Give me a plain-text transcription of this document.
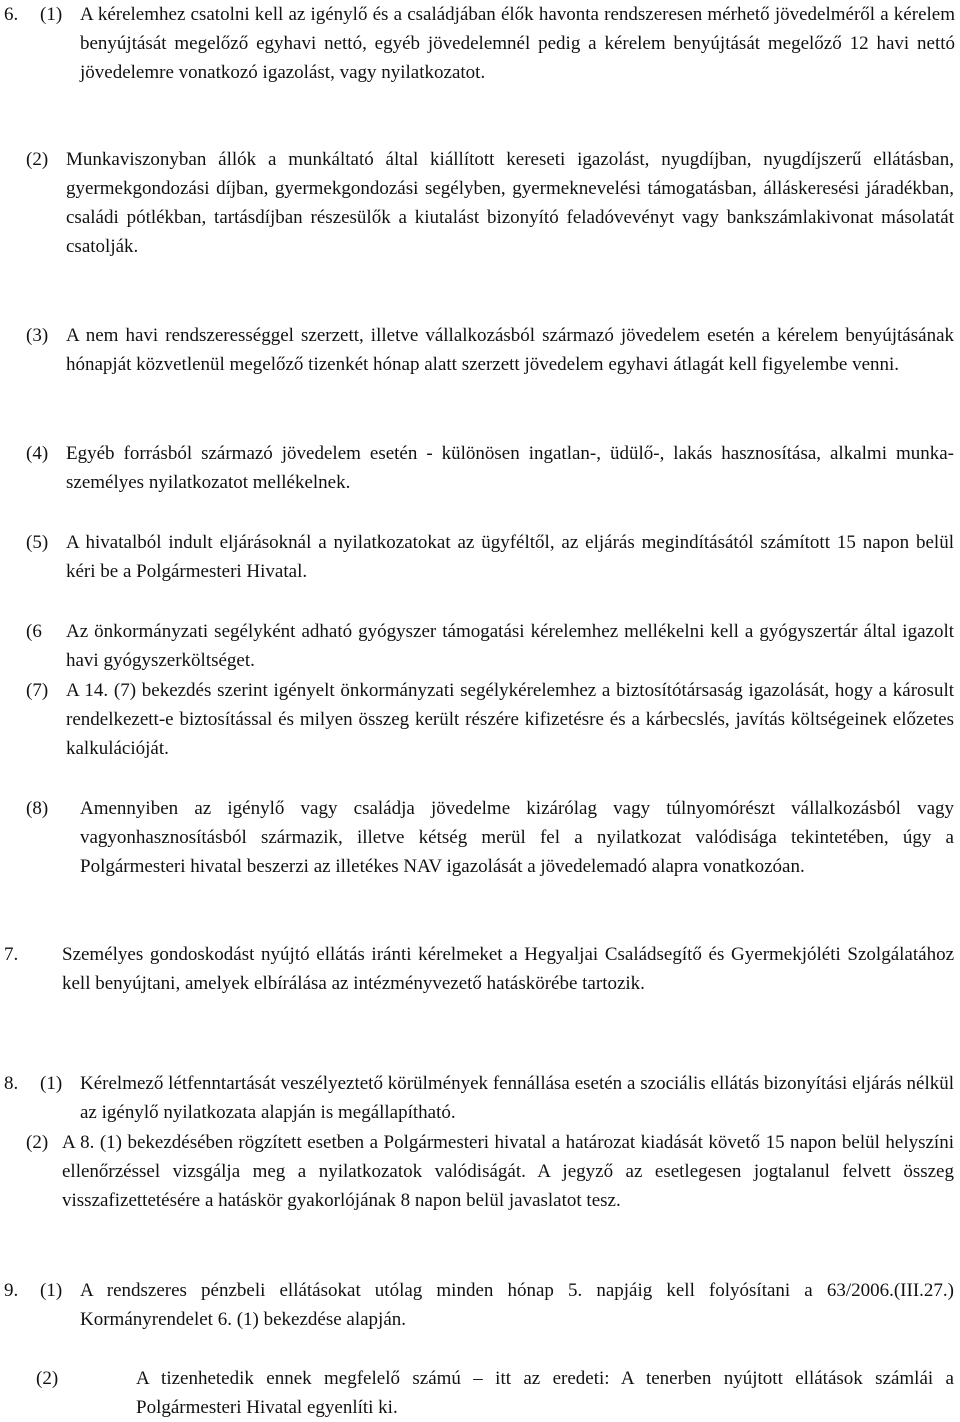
6. (1) A kérelemhez csatolni kell az igénylő és a családjában élők havonta rendszeresen mérhető jövedelméről a kérelem benyújtását megelőző egyhavi nettó, egyéb jövedelemnél pedig a kérelem benyújtását megelőző 12 havi nettó jövedelemre vonatkozó igazolást, vagy nyilatkozatot.

(2) Munkaviszonyban állók a munkáltató által kiállított kereseti igazolást, nyugdíjban, nyugdíjszerű ellátásban, gyermekgondozási díjban, gyermekgondozási segélyben, gyermeknevelési támogatásban, álláskeresési járadékban, családi pótlékban, tartásdíjban részesülők a kiutalást bizonyító feladóvevényt vagy bankszámlakivonat másolatát csatolják.

(3) A nem havi rendszerességgel szerzett, illetve vállalkozásból származó jövedelem esetén a kérelem benyújtásának hónapját közvetlenül megelőző tizenkét hónap alatt szerzett jövedelem egyhavi átlagát kell figyelembe venni.

(4) Egyéb forrásból származó jövedelem esetén - különösen ingatlan-, üdülő-, lakás hasznosítása, alkalmi munka- személyes nyilatkozatot mellékelnek.

(5) A hivatalból indult eljárásoknál a nyilatkozatokat az ügyféltől, az eljárás megindításától számított 15 napon belül kéri be a Polgármesteri Hivatal.

(6 Az önkormányzati segélyként adható gyógyszer támogatási kérelemhez mellékelni kell a gyógyszertár által igazolt havi gyógyszerköltséget.

(7) A 14. (7) bekezdés szerint igényelt önkormányzati segélykérelemhez a biztosítótársaság igazolását, hogy a károsult rendelkezett-e biztosítással és milyen összeg került részére kifizetésre és a kárbecslés, javítás költségeinek előzetes kalkulációját.

(8) Amennyiben az igénylő vagy családja jövedelme kizárólag vagy túlnyomórészt vállalkozásból vagy vagyonhasznosításból származik, illetve kétség merül fel a nyilatkozat valódisága tekintetében, úgy a Polgármesteri hivatal beszerzi az illetékes NAV igazolását a jövedelemadó alapra vonatkozóan.

7. Személyes gondoskodást nyújtó ellátás iránti kérelmeket a Hegyaljai Családsegítő és Gyermekjóléti Szolgálatához kell benyújtani, amelyek elbírálása az intézményvezető hatáskörébe tartozik.

8. (1) Kérelmező létfenntartását veszélyeztető körülmények fennállása esetén a szociális ellátás bizonyítási eljárás nélkül az igénylő nyilatkozata alapján is megállapítható.

(2) A 8. (1) bekezdésében rögzített esetben a Polgármesteri hivatal a határozat kiadását követő 15 napon belül helyszíni ellenőrzéssel vizsgálja meg a nyilatkozatok valódiságát. A jegyző az esetlegesen jogtalanul felvett összeg visszafizettetésére a hatáskör gyakorlójának 8 napon belül javaslatot tesz.

9. (1) A rendszeres pénzbeli ellátásokat utólag minden hónap 5. napjáig kell folyósítani a 63/2006.(III.27.) Kormányrendelet 6. (1) bekezdése alapján.

(2)	A tizenhetedik ennek megfelelő számú – itt az eredeti: A tenerben nyújtott ellátások számlái a Polgármesteri Hivatal egyenlíti ki.
